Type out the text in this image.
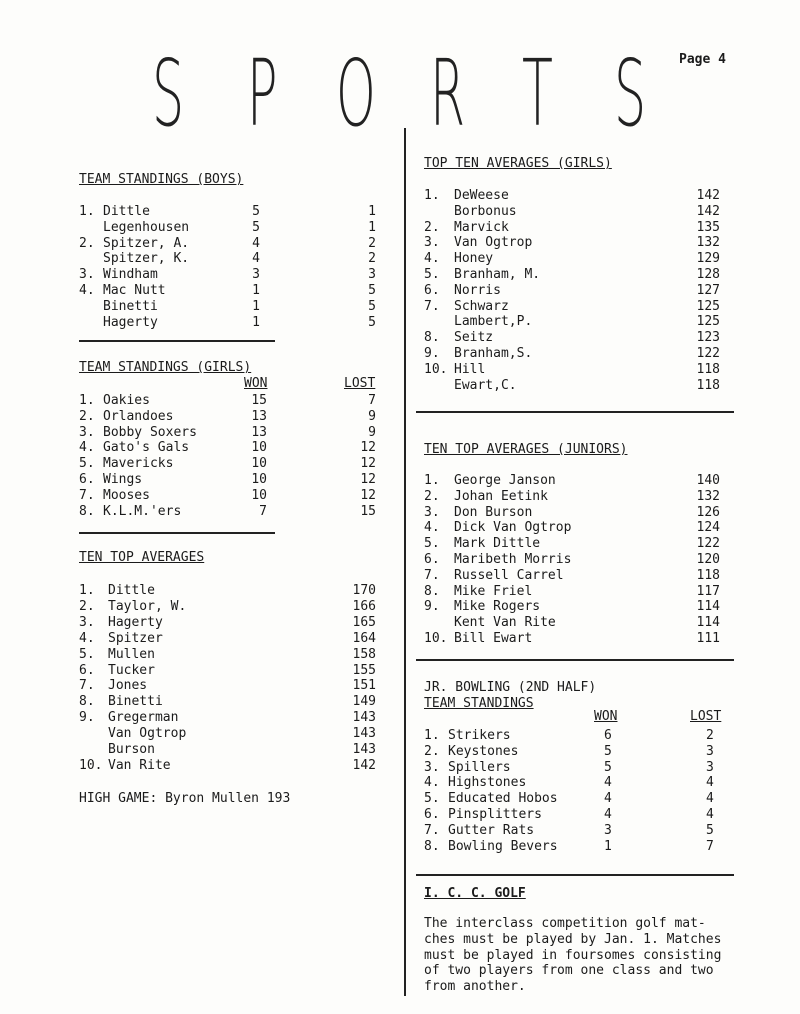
Page 4
S P O R T S
TEAM STANDINGS (BOYS)
1. Dittle	5	1
Legenhousen	5	1
2. Spitzer, A.	4	2
Spitzer, K.	4	2
3. Windham	3	3
4. Mac Nutt	1	5
Binetti	1	5
Hagerty	1	5
TEAM STANDINGS (GIRLS)
WON	LOST
1. Oakies	15	7
2. Orlandoes	13	9
3. Bobby Soxers	13	9
4. Gato's Gals	10	12
5. Mavericks	10	12
6. Wings	10	12
7. Mooses	10	12
8. K.L.M.'ers	7	15
TEN TOP AVERAGES
1. Dittle	170
2. Taylor, W.	166
3. Hagerty	165
4. Spitzer	164
5. Mullen	158
6. Tucker	155
7. Jones	151
8. Binetti	149
9. Gregerman	143
Van Ogtrop	143
Burson	143
10. Van Rite	142
HIGH GAME: Byron Mullen 193
TOP TEN AVERAGES (GIRLS)
1. DeWeese	142
Borbonus	142
2. Marvick	135
3. Van Ogtrop	132
4. Honey	129
5. Branham, M.	128
6. Norris	127
7. Schwarz	125
Lambert,P.	125
8. Seitz	123
9. Branham,S.	122
10. Hill	118
Ewart,C.	118
TEN TOP AVERAGES (JUNIORS)
1. George Janson	140
2. Johan Eetink	132
3. Don Burson	126
4. Dick Van Ogtrop	124
5. Mark Dittle	122
6. Maribeth Morris	120
7. Russell Carrel	118
8. Mike Friel	117
9. Mike Rogers	114
Kent Van Rite	114
10. Bill Ewart	111
JR. BOWLING (2ND HALF)
TEAM STANDINGS
WON	LOST
1. Strikers	6	2
2. Keystones	5	3
3. Spillers	5	3
4. Highstones	4	4
5. Educated Hobos	4	4
6. Pinsplitters	4	4
7. Gutter Rats	3	5
8. Bowling Bevers	1	7
I. C. C. GOLF
The interclass competition golf mat-
ches must be played by Jan. 1. Matches
must be played in foursomes consisting
of two players from one class and two
from another.
